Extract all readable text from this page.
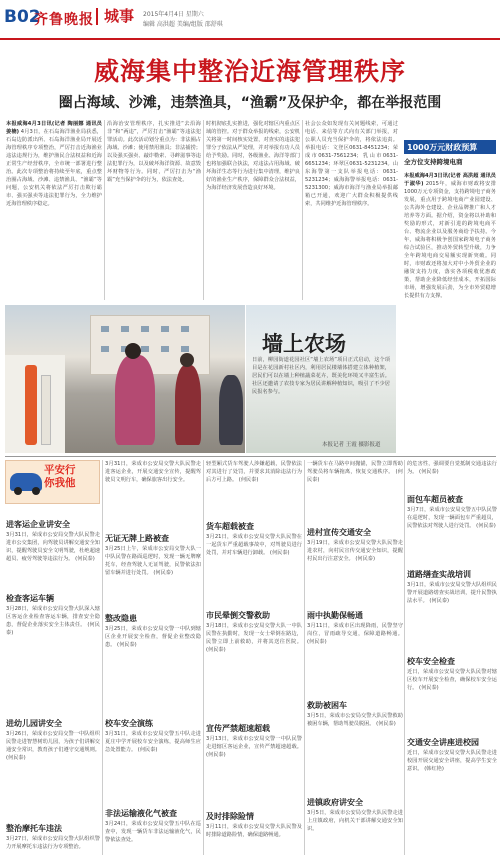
B02
齐鲁晚报 城事 2015年4月4日 星期六
编辑 高洪超 美编/组版 邵舒琪
威海集中整治近海管理秩序
圈占海域、沙滩，违禁渔具，“渔霸”及保护伞，都在举报范围
本报威海4月3日讯(记者 陶丽娜 通讯员 姜楠) 4月3日，在石岛海洋渔业局获悉，石岛边防派出所、石岛海洋渔业局开展近海管理秩序专项整治，严厉打击近海渔业违法违规行为，维护渔民合法权益和近海正常生产经营秩序，全市统一部署进行整治。此次专项整治将持续至年底，重点整治圈占海域、沙滩、违禁渔具、“渔霸”等问题，公安机关将依法严厉打击欺行霸市、强买强卖等违法犯罪行为，全力维护近海管理秩序稳定。
沿海治安管理秩序，扎实推进“去沿海非”和“两违”，严厉打击“渔霸”等违法犯罪活动。此次活动划分重点为：非法圈占海域、沙滩；使用禁用渔具；非法捕捞；以及强买强卖、敲诈勒索、寻衅滋事等违法犯罪行为，以及破坏海洋资源、故意毁坏财物等行为。同时，严厉打击为“渔霸”充当保护伞的行为，依法查处。
时机彻底扎实推进，强化对辖区内重点区域的管控。对于群众举报的线索，公安机关将第一时间核实处置，对查实的违法犯罪分子依法从严处理，并对举报有功人员给予奖励。同时，各级渔业、海洋等部门也将加强联合执法，对违法占用海域、破坏海洋生态等行为进行集中清理，维护良好的渔业生产秩序，保障群众合法权益，为海洋经济发展营造良好环境。
社会公众如发现有关问题线索，可通过电话、来信等方式向有关部门举报，对公职人员充当保护伞的，将依法追责。举报电话：文登区0631-8451234；荣成市0631-7561234；乳山市0631-6651234；环翠区0631-5231234。山东海警第一支队举报电话：0631-5231234；威海海警举报电话：0631-5231300；威海市海洋与渔业局举报邮箱已开通，欢迎广大群众积极提供线索，共同维护近海管理秩序。
1000万元财政预算
全方位支持跨境电商
本报威海4月3日讯(记者 高洪超 通讯员 于淑华) 2015年，威海市财政将安排1000万元专项资金，支持跨境电子商务发展，重点用于跨境电商产业园建设、公共海外仓建设、企业品牌推广和人才培养等方面。据介绍，资金将以补助和奖励的形式，对新引进的跨境电商平台、物流企业以及服务商给予扶持。今年，威海将积极争创国家跨境电子商务综合试验区，推动外贸转型升级，力争全年跨境电商交易额实现新突破。同时，市财政还将加大对中小外贸企业的融资支持力度，落实各项税收优惠政策，帮助企业降低经营成本，开拓国际市场，增强发展后劲，为全市外贸稳增长提供有力支撑。
墙上农场
日前，柳园街道花园社区“墙上农场”项目正式启动，这个项目是在花园新村社区内，利用居民楼墙体搭建立体种植架，居民们可以在墙上种植蔬菜花卉，既美化环境又丰富生活。社区还邀请了农技专家为居民讲解种植知识，吸引了不少居民报名参与。
本报记者 王霞 摄影报道
平安行
你我他
进客运企业讲安全
3月31日，荣成市公安局交警大队民警走进市公交集团，向驾驶员讲解交通安全知识，提醒驾驶员安全文明驾驶，杜绝超速超员、疲劳驾驶等违法行为。 (何民泰)
检查客运车辆
3月28日，荣成市公安局交警大队深入辖区客运企业检查客运车辆，排查安全隐患，督促企业落实安全主体责任。 (何民泰)
进幼儿园讲安全
3月26日，荣成市公安局交警一中队组织民警走进智慧树幼儿园，为孩子们讲解交通安全常识，教育孩子们遵守交通规则。 (何民泰)
整治摩托车违法
3月27日，荣成市公安局交警大队组织警力开展摩托车违法行为专项整治。
3月31日，荣成市公安局交警大队民警走进客运企业，开展交通安全宣传，提醒驾驶员文明行车，确保旅客出行安全。
无证无牌上路被查
3月25日上午，荣成市公安局交警大队一中队民警在路面巡逻时，发现一辆无牌摩托车，经查驾驶人无证驾驶，民警依法扣留车辆并进行处罚。 (何民泰)
整改隐患
3月25日，荣成市公安局交警一中队到辖区企业开展安全检查，督促企业整改隐患。 (何民泰)
校车安全演练
3月31日，荣成市公安局交警五中队走进夏庄中学开展校车安全演练，提高师生应急处置能力。 (何民泰)
非法运输液化气被查
3月24日，荣成市公安局交警五中队在巡查中，发现一辆货车非法运输液化气，民警依法查处。
轻型厢式货车驾驶人涉嫌超载，民警依法对其进行了处罚，并要求其消除违法行为后方可上路。 (何民泰)
货车超载被查
3月21日，荣成市公安局交警大队民警在一起货车严重超载事故中，对驾驶员进行处罚，并对车辆进行卸载。 (何民泰)
市民晕倒交警救助
3月18日，荣成市公安局交警大队一中队民警在执勤时，发现一女士晕倒在路边，民警立即上前救助，并将其送往医院。 (何民泰)
宣传严禁超速超载
3月13日，荣成市公安局交警一中队民警走进辖区客运企业，宣传严禁超速超载。 (何民泰)
及时排除险情
3月11日，荣成市公安局交警大队民警及时排除道路险情，确保道路畅通。
一辆货车在马路中间抛锚，民警立即帮助驾驶员将车辆拖离，恢复交通秩序。 (何民泰)
进村宣传交通安全
3月19日，荣成市公安局交警大队民警走进农村，向村民宣传交通安全知识，提醒村民出行注意安全。 (何民泰)
雨中执勤保畅通
3月11日，荣成市区出现降雨，民警坚守岗位，冒雨疏导交通，保障道路畅通。 (何民泰)
救助被困车
3月5日，荣成市公安局交警大队民警救助被困车辆，帮助驾驶员脱困。 (何民泰)
进镇政府讲安全
3月5日，荣成市公安局交警大队民警走进上庄镇政府，向机关干部讲解交通安全知识。
的危害性，强调要自觉抵制交通违法行为。 (何民泰)
面包车超员被查
3月7日，荣成市公安局交警五中队民警在巡逻时，发现一辆面包车严重超员，民警依法对驾驶人进行处罚。 (何民泰)
道路缮查实战培训
3月1日，荣成市公安局交警大队组织民警开展道路缮查实战培训，提升民警执法水平。 (何民泰)
校车安全检查
近日，荣成市公安局交警大队民警对辖区校车开展安全检查，确保校车安全运行。 (何民泰)
交通安全讲座进校园
近日，荣成市公安局交警大队民警走进校园开展交通安全讲座，提高学生安全意识。 (韩红艳)
